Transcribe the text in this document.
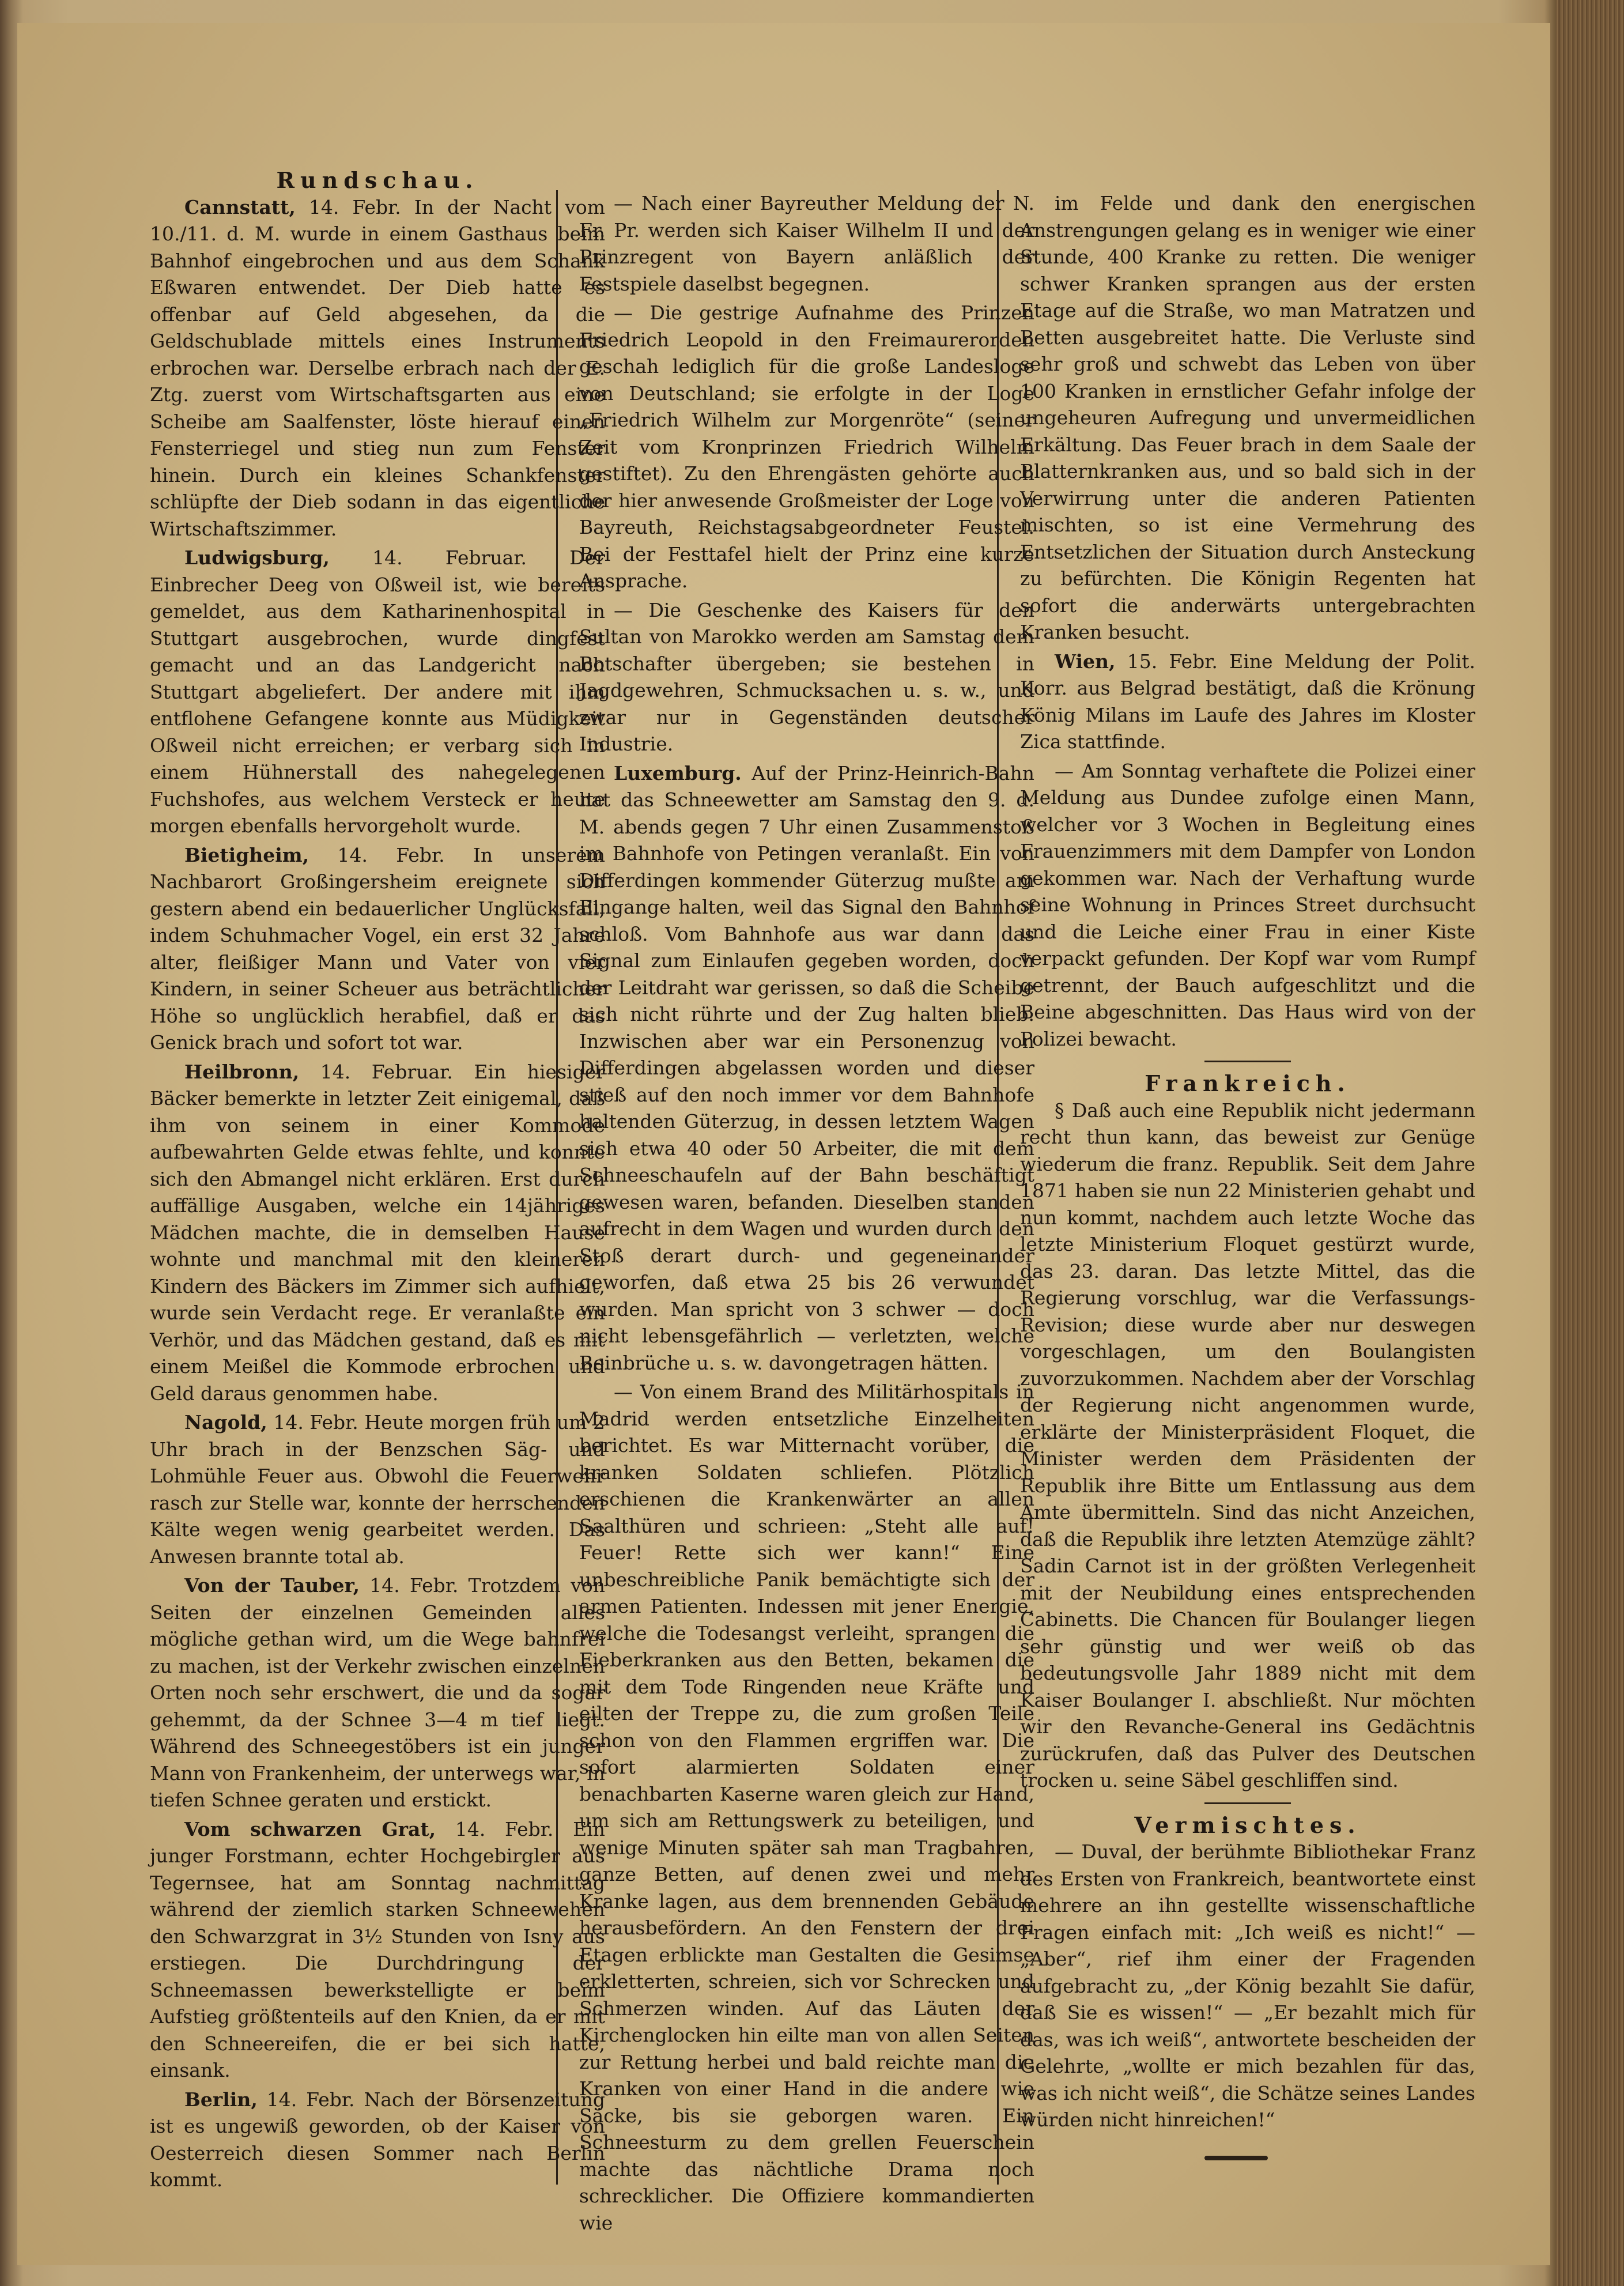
Rundschau.

Cannstatt, 14. Febr. In der Nacht vom 10./11. d. M. wurde in einem Gasthaus beim Bahnhof eingebrochen und aus dem Schank Eßwaren entwendet. Der Dieb hatte es offenbar auf Geld abgesehen, da die Geldschublade mittels eines Instruments erbrochen war. Derselbe erbrach nach der E. Ztg. zuerst vom Wirtschaftsgarten aus eine Scheibe am Saalfenster, löste hierauf einen Fensterriegel und stieg nun zum Fenster hinein. Durch ein kleines Schankfenster schlüpfte der Dieb sodann in das eigentliche Wirtschaftszimmer.

Ludwigsburg, 14. Februar. Der Einbrecher Deeg von Oßweil ist, wie bereits gemeldet, aus dem Katharinenhospital in Stuttgart ausgebrochen, wurde dingfest gemacht und an das Landgericht nach Stuttgart abgeliefert. Der andere mit ihm entflohene Gefangene konnte aus Müdigkeit Oßweil nicht erreichen; er verbarg sich in einem Hühnerstall des nahegelegenen Fuchshofes, aus welchem Versteck er heute morgen ebenfalls hervorgeholt wurde.

Bietigheim, 14. Febr. In unserem Nachbarort Großingersheim ereignete sich gestern abend ein bedauerlicher Unglücksfall, indem Schuhmacher Vogel, ein erst 32 Jahre alter, fleißiger Mann und Vater von vier Kindern, in seiner Scheuer aus beträchtlicher Höhe so unglücklich herabfiel, daß er das Genick brach und sofort tot war.

Heilbronn, 14. Februar. Ein hiesiger Bäcker bemerkte in letzter Zeit einigemal, daß ihm von seinem in einer Kommode aufbewahrten Gelde etwas fehlte, und konnte sich den Abmangel nicht erklären. Erst durch auffällige Ausgaben, welche ein 14jähriges Mädchen machte, die in demselben Hause wohnte und manchmal mit den kleineren Kindern des Bäckers im Zimmer sich aufhielt, wurde sein Verdacht rege. Er veranlaßte ein Verhör, und das Mädchen gestand, daß es mit einem Meißel die Kommode erbrochen und Geld daraus genommen habe.

Nagold, 14. Febr. Heute morgen früh um 2 Uhr brach in der Benzschen Säg- und Lohmühle Feuer aus. Obwohl die Feuerwehr rasch zur Stelle war, konnte der herrschenden Kälte wegen wenig gearbeitet werden. Das Anwesen brannte total ab.

Von der Tauber, 14. Febr. Trotzdem von Seiten der einzelnen Gemeinden alles mögliche gethan wird, um die Wege bahnfrei zu machen, ist der Verkehr zwischen einzelnen Orten noch sehr erschwert, die und da sogar gehemmt, da der Schnee 3—4 m tief liegt. Während des Schneegestöbers ist ein junger Mann von Frankenheim, der unterwegs war, in tiefen Schnee geraten und erstickt.

Vom schwarzen Grat, 14. Febr. Ein junger Forstmann, echter Hochgebirgler aus Tegernsee, hat am Sonntag nachmittag während der ziemlich starken Schneewehen den Schwarzgrat in 3½ Stunden von Isny aus erstiegen. Die Durchdringung der Schneemassen bewerkstelligte er beim Aufstieg größtenteils auf den Knien, da er mit den Schneereifen, die er bei sich hatte, einsank.

Berlin, 14. Febr. Nach der Börsenzeitung ist es ungewiß geworden, ob der Kaiser von Oesterreich diesen Sommer nach Berlin kommt.

— Nach einer Bayreuther Meldung der N. Fr. Pr. werden sich Kaiser Wilhelm II und der Prinzregent von Bayern anläßlich der Festspiele daselbst begegnen.

— Die gestrige Aufnahme des Prinzen Friedrich Leopold in den Freimaurerorden geschah lediglich für die große Landesloge von Deutschland; sie erfolgte in der Loge „Friedrich Wilhelm zur Morgenröte“ (seiner Zeit vom Kronprinzen Friedrich Wilhelm gestiftet). Zu den Ehrengästen gehörte auch der hier anwesende Großmeister der Loge von Bayreuth, Reichstagsabgeordneter Feustel. Bei der Festtafel hielt der Prinz eine kurze Ansprache.

— Die Geschenke des Kaisers für den Sultan von Marokko werden am Samstag dem Botschafter übergeben; sie bestehen in Jagdgewehren, Schmucksachen u. s. w., und zwar nur in Gegenständen deutscher Industrie.

Luxemburg. Auf der Prinz-Heinrich-Bahn hat das Schneewetter am Samstag den 9. d. M. abends gegen 7 Uhr einen Zusammenstoß im Bahnhofe von Petingen veranlaßt. Ein von Differdingen kommender Güterzug mußte am Eingange halten, weil das Signal den Bahnhof schloß. Vom Bahnhofe aus war dann das Signal zum Einlaufen gegeben worden, doch der Leitdraht war gerissen, so daß die Scheibe sich nicht rührte und der Zug halten blieb. Inzwischen aber war ein Personenzug von Differdingen abgelassen worden und dieser stieß auf den noch immer vor dem Bahnhofe haltenden Güterzug, in dessen letztem Wagen sich etwa 40 oder 50 Arbeiter, die mit dem Schneeschaufeln auf der Bahn beschäftigt gewesen waren, befanden. Dieselben standen aufrecht in dem Wagen und wurden durch den Stoß derart durch- und gegeneinander geworfen, daß etwa 25 bis 26 verwundet wurden. Man spricht von 3 schwer — doch nicht lebensgefährlich — verletzten, welche Beinbrüche u. s. w. davongetragen hätten.

— Von einem Brand des Militärhospitals in Madrid werden entsetzliche Einzelheiten berichtet. Es war Mitternacht vorüber, die kranken Soldaten schliefen. Plötzlich erschienen die Krankenwärter an allen Saalthüren und schrieen: „Steht alle auf! Feuer! Rette sich wer kann!“ Eine unbeschreibliche Panik bemächtigte sich der armen Patienten. Indessen mit jener Energie, welche die Todesangst verleiht, sprangen die Fieberkranken aus den Betten, bekamen die mit dem Tode Ringenden neue Kräfte und eilten der Treppe zu, die zum großen Teile schon von den Flammen ergriffen war. Die sofort alarmierten Soldaten einer benachbarten Kaserne waren gleich zur Hand, um sich am Rettungswerk zu beteiligen, und wenige Minuten später sah man Tragbahren, ganze Betten, auf denen zwei und mehr Kranke lagen, aus dem brennenden Gebäude herausbefördern. An den Fenstern der drei Etagen erblickte man Gestalten die Gesimse erkletterten, schreien, sich vor Schrecken und Schmerzen winden. Auf das Läuten der Kirchenglocken hin eilte man von allen Seiten zur Rettung herbei und bald reichte man die Kranken von einer Hand in die andere wie Säcke, bis sie geborgen waren. Ein Schneesturm zu dem grellen Feuerschein machte das nächtliche Drama noch schrecklicher. Die Offiziere kommandierten wie

im Felde und dank den energischen Anstrengungen gelang es in weniger wie einer Stunde, 400 Kranke zu retten. Die weniger schwer Kranken sprangen aus der ersten Etage auf die Straße, wo man Matratzen und Betten ausgebreitet hatte. Die Verluste sind sehr groß und schwebt das Leben von über 100 Kranken in ernstlicher Gefahr infolge der ungeheuren Aufregung und unvermeidlichen Erkältung. Das Feuer brach in dem Saale der Blatternkranken aus, und so bald sich in der Verwirrung unter die anderen Patienten mischten, so ist eine Vermehrung des Entsetzlichen der Situation durch Ansteckung zu befürchten. Die Königin Regenten hat sofort die anderwärts untergebrachten Kranken besucht.

Wien, 15. Febr. Eine Meldung der Polit. Korr. aus Belgrad bestätigt, daß die Krönung König Milans im Laufe des Jahres im Kloster Zica stattfinde.

— Am Sonntag verhaftete die Polizei einer Meldung aus Dundee zufolge einen Mann, welcher vor 3 Wochen in Begleitung eines Frauenzimmers mit dem Dampfer von London gekommen war. Nach der Verhaftung wurde seine Wohnung in Princes Street durchsucht und die Leiche einer Frau in einer Kiste verpackt gefunden. Der Kopf war vom Rumpf getrennt, der Bauch aufgeschlitzt und die Beine abgeschnitten. Das Haus wird von der Polizei bewacht.

Frankreich.

§ Daß auch eine Republik nicht jedermann recht thun kann, das beweist zur Genüge wiederum die franz. Republik. Seit dem Jahre 1871 haben sie nun 22 Ministerien gehabt und nun kommt, nachdem auch letzte Woche das letzte Ministerium Floquet gestürzt wurde, das 23. daran. Das letzte Mittel, das die Regierung vorschlug, war die Verfassungs-Revision; diese wurde aber nur deswegen vorgeschlagen, um den Boulangisten zuvorzukommen. Nachdem aber der Vorschlag der Regierung nicht angenommen wurde, erklärte der Ministerpräsident Floquet, die Minister werden dem Präsidenten der Republik ihre Bitte um Entlassung aus dem Amte übermitteln. Sind das nicht Anzeichen, daß die Republik ihre letzten Atemzüge zählt? Sadin Carnot ist in der größten Verlegenheit mit der Neubildung eines entsprechenden Cabinetts. Die Chancen für Boulanger liegen sehr günstig und wer weiß ob das bedeutungsvolle Jahr 1889 nicht mit dem Kaiser Boulanger I. abschließt. Nur möchten wir den Revanche-General ins Gedächtnis zurückrufen, daß das Pulver des Deutschen trocken u. seine Säbel geschliffen sind.

Vermischtes.

— Duval, der berühmte Bibliothekar Franz des Ersten von Frankreich, beantwortete einst mehrere an ihn gestellte wissenschaftliche Fragen einfach mit: „Ich weiß es nicht!“ — „Aber“, rief ihm einer der Fragenden aufgebracht zu, „der König bezahlt Sie dafür, daß Sie es wissen!“ — „Er bezahlt mich für das, was ich weiß“, antwortete bescheiden der Gelehrte, „wollte er mich bezahlen für das, was ich nicht weiß“, die Schätze seines Landes würden nicht hinreichen!“
